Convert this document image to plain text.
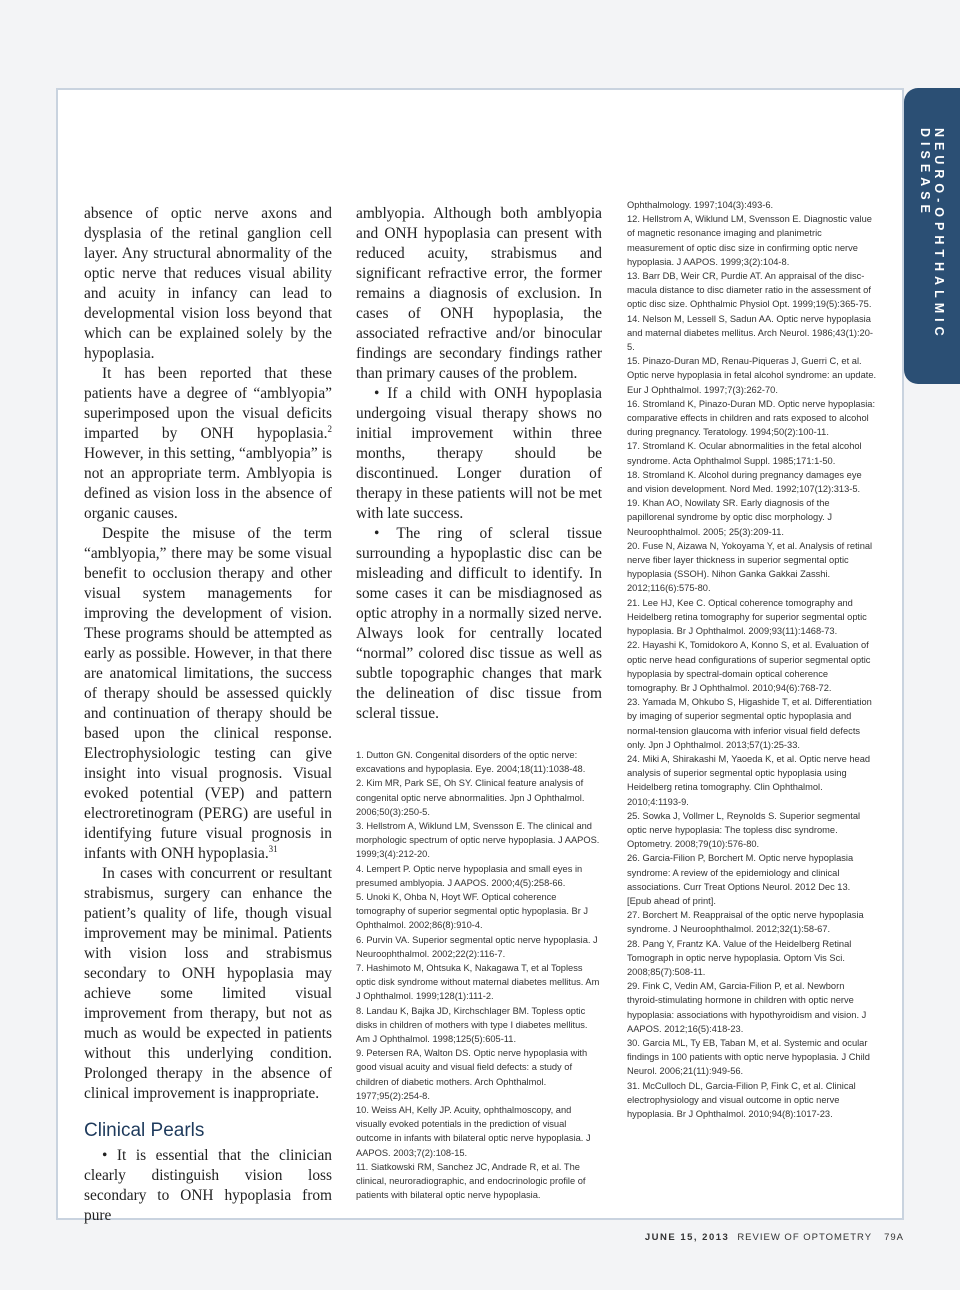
NEURO-OPHTHALMIC DISEASE

absence of optic nerve axons and dysplasia of the retinal ganglion cell layer. Any structural abnormality of the optic nerve that reduces visual ability and acuity in infancy can lead to developmental vision loss beyond that which can be explained solely by the hypoplasia.

It has been reported that these patients have a degree of “amblyopia” superimposed upon the visual deficits imparted by ONH hypoplasia.$^2$ However, in this setting, “amblyopia” is not an appropriate term. Amblyopia is defined as vision loss in the absence of organic causes.

Despite the misuse of the term “amblyopia,” there may be some visual benefit to occlusion therapy and other visual system managements for improving the development of vision. These programs should be attempted as early as possible. However, in that there are anatomical limitations, the success of therapy should be assessed quickly and continuation of therapy should be based upon the clinical response. Electrophysiologic testing can give insight into visual prognosis. Visual evoked potential (VEP) and pattern electroretinogram (PERG) are useful in identifying future visual prognosis in infants with ONH hypoplasia.$^{31}$

In cases with concurrent or resultant strabismus, surgery can enhance the patient’s quality of life, though visual improvement may be minimal. Patients with vision loss and strabismus secondary to ONH hypoplasia may achieve some limited visual improvement from therapy, but not as much as would be expected in patients without this underlying condition. Prolonged therapy in the absence of clinical improvement is inappropriate.

Clinical Pearls

• It is essential that the clinician clearly distinguish vision loss secondary to ONH hypoplasia from pure

amblyopia. Although both amblyopia and ONH hypoplasia can present with reduced acuity, strabismus and significant refractive error, the former remains a diagnosis of exclusion. In cases of ONH hypoplasia, the associated refractive and/or binocular findings are secondary findings rather than primary causes of the problem.

• If a child with ONH hypoplasia undergoing visual therapy shows no initial improvement within three months, therapy should be discontinued. Longer duration of therapy in these patients will not be met with late success.

• The ring of scleral tissue surrounding a hypoplastic disc can be misleading and difficult to identify. In some cases it can be misdiagnosed as optic atrophy in a normally sized nerve. Always look for centrally located “normal” colored disc tissue as well as subtle topographic changes that mark the delineation of disc tissue from scleral tissue.

1. Dutton GN. Congenital disorders of the optic nerve: excavations and hypoplasia. Eye. 2004;18(11):1038-48.
2. Kim MR, Park SE, Oh SY. Clinical feature analysis of congenital optic nerve abnormalities. Jpn J Ophthalmol. 2006;50(3):250-5.
3. Hellstrom A, Wiklund LM, Svensson E. The clinical and morphologic spectrum of optic nerve hypoplasia. J AAPOS. 1999;3(4):212-20.
4. Lempert P. Optic nerve hypoplasia and small eyes in presumed amblyopia. J AAPOS. 2000;4(5):258-66.
5. Unoki K, Ohba N, Hoyt WF. Optical coherence tomography of superior segmental optic hypoplasia. Br J Ophthalmol. 2002;86(8):910-4.
6. Purvin VA. Superior segmental optic nerve hypoplasia. J Neuroophthalmol. 2002;22(2):116-7.
7. Hashimoto M, Ohtsuka K, Nakagawa T, et al Topless optic disk syndrome without maternal diabetes mellitus. Am J Ophthalmol. 1999;128(1):111-2.
8. Landau K, Bajka JD, Kirchschlager BM. Topless optic disks in children of mothers with type I diabetes mellitus. Am J Ophthalmol. 1998;125(5):605-11.
9. Petersen RA, Walton DS. Optic nerve hypoplasia with good visual acuity and visual field defects: a study of children of diabetic mothers. Arch Ophthalmol. 1977;95(2):254-8.
10. Weiss AH, Kelly JP. Acuity, ophthalmoscopy, and visually evoked potentials in the prediction of visual outcome in infants with bilateral optic nerve hypoplasia. J AAPOS. 2003;7(2):108-15.
11. Siatkowski RM, Sanchez JC, Andrade R, et al. The clinical, neuroradiographic, and endocrinologic profile of patients with bilateral optic nerve hypoplasia.
Ophthalmology. 1997;104(3):493-6.
12. Hellstrom A, Wiklund LM, Svensson E. Diagnostic value of magnetic resonance imaging and planimetric measurement of optic disc size in confirming optic nerve hypoplasia. J AAPOS. 1999;3(2):104-8.
13. Barr DB, Weir CR, Purdie AT. An appraisal of the disc-macula distance to disc diameter ratio in the assessment of optic disc size. Ophthalmic Physiol Opt. 1999;19(5):365-75.
14. Nelson M, Lessell S, Sadun AA. Optic nerve hypoplasia and maternal diabetes mellitus. Arch Neurol. 1986;43(1):20-5.
15. Pinazo-Duran MD, Renau-Piqueras J, Guerri C, et al. Optic nerve hypoplasia in fetal alcohol syndrome: an update. Eur J Ophthalmol. 1997;7(3):262-70.
16. Stromland K, Pinazo-Duran MD. Optic nerve hypoplasia: comparative effects in children and rats exposed to alcohol during pregnancy. Teratology. 1994;50(2):100-11.
17. Stromland K. Ocular abnormalities in the fetal alcohol syndrome. Acta Ophthalmol Suppl. 1985;171:1-50.
18. Stromland K. Alcohol during pregnancy damages eye and vision development. Nord Med. 1992;107(12):313-5.
19. Khan AO, Nowilaty SR. Early diagnosis of the papillorenal syndrome by optic disc morphology. J Neuroophthalmol. 2005; 25(3):209-11.
20. Fuse N, Aizawa N, Yokoyama Y, et al. Analysis of retinal nerve fiber layer thickness in superior segmental optic hypoplasia (SSOH). Nihon Ganka Gakkai Zasshi. 2012;116(6):575-80.
21. Lee HJ, Kee C. Optical coherence tomography and Heidelberg retina tomography for superior segmental optic hypoplasia. Br J Ophthalmol. 2009;93(11):1468-73.
22. Hayashi K, Tomidokoro A, Konno S, et al. Evaluation of optic nerve head configurations of superior segmental optic hypoplasia by spectral-domain optical coherence tomography. Br J Ophthalmol. 2010;94(6):768-72.
23. Yamada M, Ohkubo S, Higashide T, et al. Differentiation by imaging of superior segmental optic hypoplasia and normal-tension glaucoma with inferior visual field defects only. Jpn J Ophthalmol. 2013;57(1):25-33.
24. Miki A, Shirakashi M, Yaoeda K, et al. Optic nerve head analysis of superior segmental optic hypoplasia using Heidelberg retina tomography. Clin Ophthalmol. 2010;4:1193-9.
25. Sowka J, Vollmer L, Reynolds S. Superior segmental optic nerve hypoplasia: The topless disc syndrome. Optometry. 2008;79(10):576-80.
26. Garcia-Filion P, Borchert M. Optic nerve hypoplasia syndrome: A review of the epidemiology and clinical associations. Curr Treat Options Neurol. 2012 Dec 13. [Epub ahead of print].
27. Borchert M. Reappraisal of the optic nerve hypoplasia syndrome. J Neuroophthalmol. 2012;32(1):58-67.
28. Pang Y, Frantz KA. Value of the Heidelberg Retinal Tomograph in optic nerve hypoplasia. Optom Vis Sci. 2008;85(7):508-11.
29. Fink C, Vedin AM, Garcia-Filion P, et al. Newborn thyroid-stimulating hormone in children with optic nerve hypoplasia: associations with hypothyroidism and vision. J AAPOS. 2012;16(5):418-23.
30. Garcia ML, Ty EB, Taban M, et al. Systemic and ocular findings in 100 patients with optic nerve hypoplasia. J Child Neurol. 2006;21(11):949-56.
31. McCulloch DL, Garcia-Filion P, Fink C, et al. Clinical electrophysiology and visual outcome in optic nerve hypoplasia. Br J Ophthalmol. 2010;94(8):1017-23.
JUNE 15, 2013 REVIEW OF OPTOMETRY 79A
